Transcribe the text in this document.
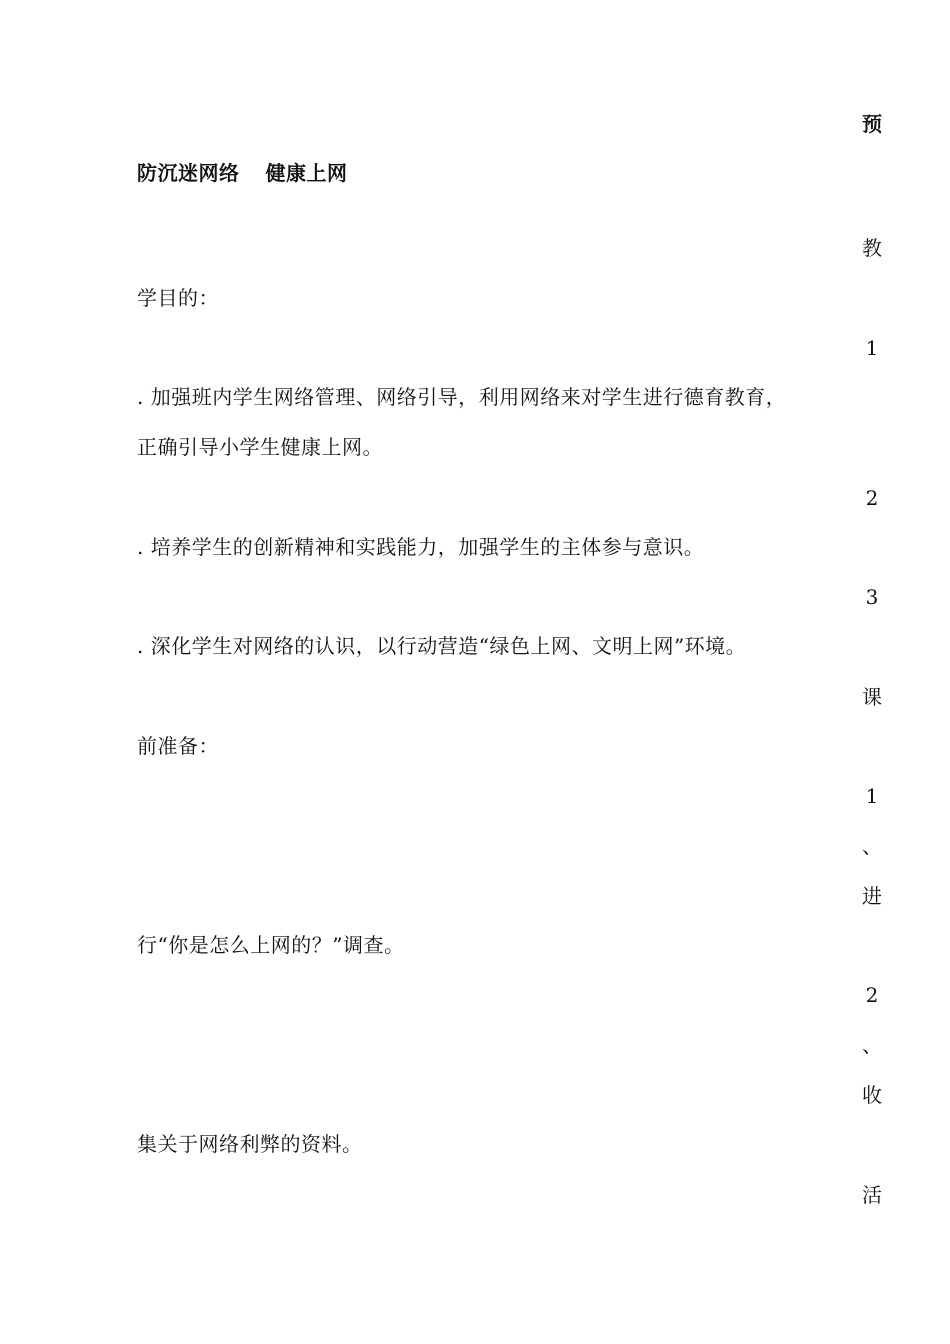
预
教
1
2
3
课
1
、
进
2
、
收
活
防沉迷网络 健康上网
学目的：
. 加强班内学生网络管理、网络引导，利用网络来对学生进行德育教育，
正确引导小学生健康上网。
. 培养学生的创新精神和实践能力，加强学生的主体参与意识。
. 深化学生对网络的认识，以行动营造“绿色上网、文明上网”环境。
前准备：
行“你是怎么上网的？”调查。
集关于网络利弊的资料。
